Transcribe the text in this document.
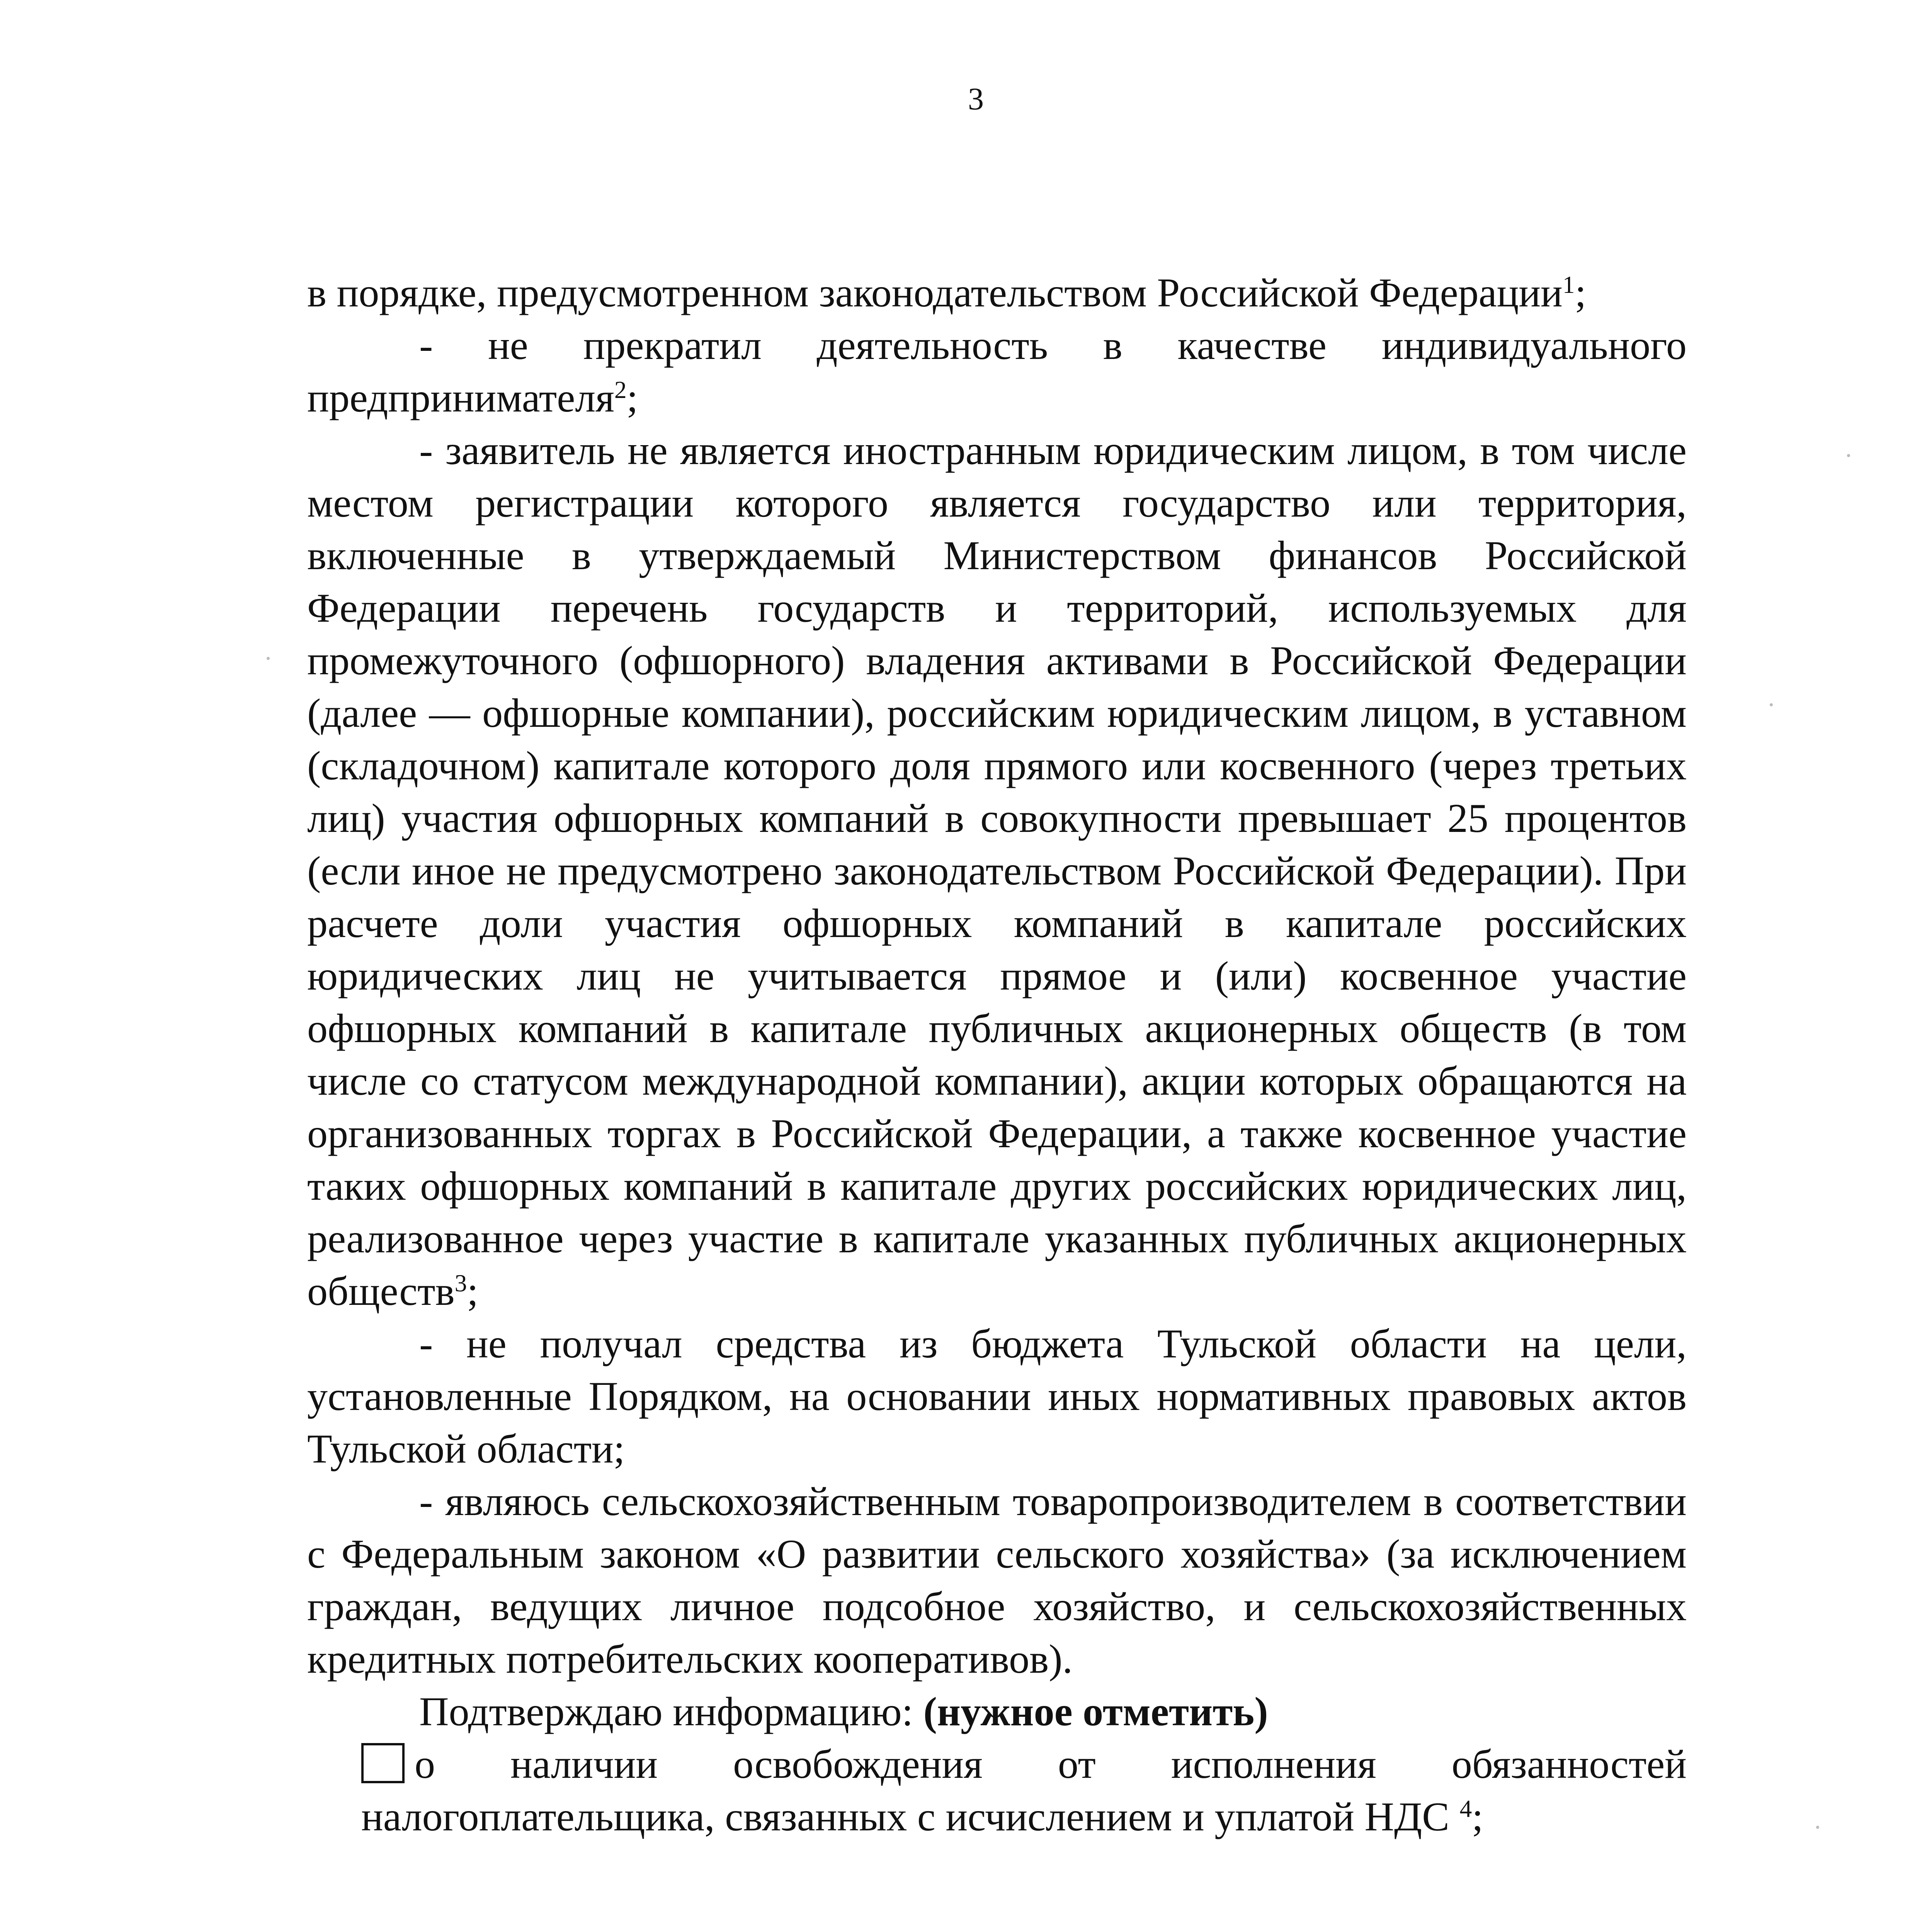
3

в порядке, предусмотренном законодательством Российской Федерации$^1$;

- не прекратил деятельность в качестве индивидуального предпринимателя$^2$;

- заявитель не является иностранным юридическим лицом, в том числе местом регистрации которого является государство или территория, включенные в утверждаемый Министерством финансов Российской Федерации перечень государств и территорий, используемых для промежуточного (офшорного) владения активами в Российской Федерации (далее — офшорные компании), российским юридическим лицом, в уставном (складочном) капитале которого доля прямого или косвенного (через третьих лиц) участия офшорных компаний в совокупности превышает 25 процентов (если иное не предусмотрено законодательством Российской Федерации). При расчете доли участия офшорных компаний в капитале российских юридических лиц не учитывается прямое и (или) косвенное участие офшорных компаний в капитале публичных акционерных обществ (в том числе со статусом международной компании), акции которых обращаются на организованных торгах в Российской Федерации, а также косвенное участие таких офшорных компаний в капитале других российских юридических лиц, реализованное через участие в капитале указанных публичных акционерных обществ$^3$;

- не получал средства из бюджета Тульской области на цели, установленные Порядком, на основании иных нормативных правовых актов Тульской области;

- являюсь сельскохозяйственным товаропроизводителем в соответствии с Федеральным законом «О развитии сельского хозяйства» (за исключением граждан, ведущих личное подсобное хозяйство, и сельскохозяйственных кредитных потребительских кооперативов).

Подтверждаю информацию: (нужное отметить)

о наличии освобождения от исполнения обязанностей налогоплательщика, связанных с исчислением и уплатой НДС $^4$;
